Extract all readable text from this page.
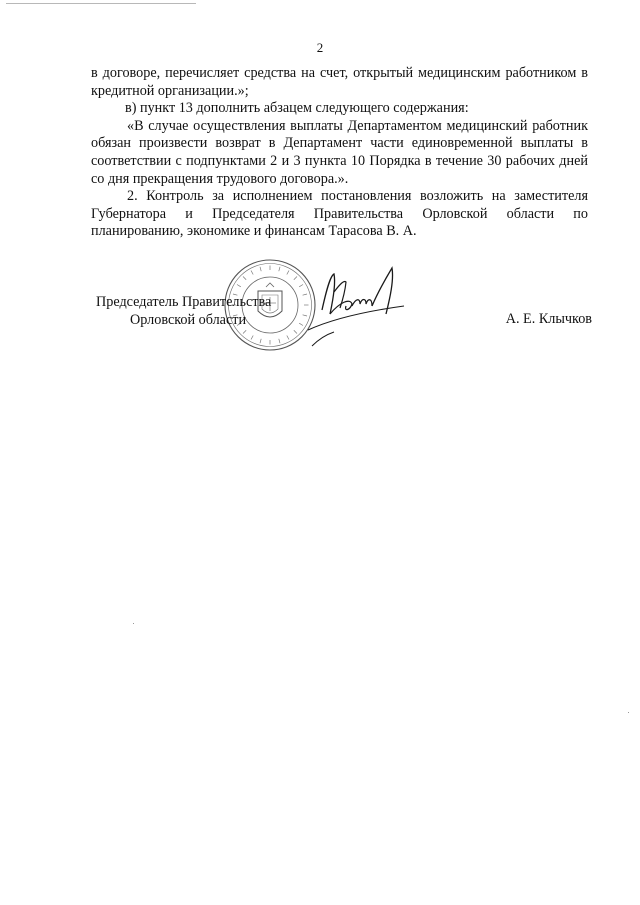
2

в договоре, перечисляет средства на счет, открытый медицинским работником в кредитной организации.»;

в) пункт 13 дополнить абзацем следующего содержания:

«В случае осуществления выплаты Департаментом медицинский работник обязан произвести возврат в Департамент части единовременной выплаты в соответствии с подпунктами 2 и 3 пункта 10 Порядка в течение 30 рабочих дней со дня прекращения трудового договора.».

2. Контроль за исполнением постановления возложить на заместителя Губернатора и Председателя Правительства Орловской области по планированию, экономике и финансам Тарасова В. А.

Председатель Правительства
Орловской области	А. Е. Клычков
